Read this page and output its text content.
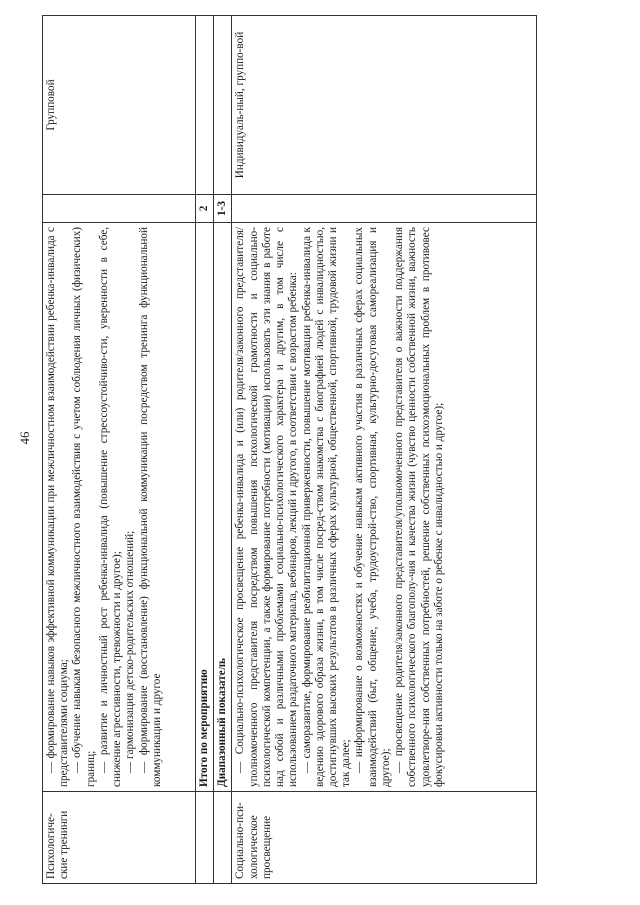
46
Психологиче-ские тренинги	— формирование навыков эффективной коммуникации при межличностном взаимодействии ребенка-инвалида с представителями социума; — обучение навыкам безопасного межличностного взаимодействия с учетом соблюдения личных (физических) границ; — развитие и личностный рост ребенка-инвалида (повышение стрессоустойчиво-сти, уверенности в себе, снижение агрессивности, тревожности и другое); — гармонизация детско-родительских отношений; — формирование (восстановление) функциональной коммуникации посредством тренинга функциональной коммуникации и другое		Групповой
	Итого по мероприятию	2	
	Диапазонный показатель	1-3	
Социально-пси-хологическое просвещение	— Социально-психологическое просвещение ребенка-инвалида и (или) родителя/законного представителя/уполномоченного представителя посредством повышения психологической грамотности и социально-психологической компетенции, а также формирование потребности (мотивации) использовать эти знания в работе над собой и различными проблемами социально-психологического характера и другим, в том числе с использованием раздаточного материала, вебинаров, лекций и другого, в соответствии с возрастом ребенка: — саморазвитие, формирование реабилитационной приверженности, повышение мотивации ребенка-инвалида к ведению здорового образа жизни, в том числе посред-ством знакомства с биографией людей с инвалидностью, достигнувших высоких результатов в различных сферах культурной, общественной, спортивной, трудовой жизни и так далее; — информирование о возможностях и обучение навыкам активного участия в различных сферах социальных взаимодействий (быт, общение, учеба, трудоустрой-ство, спортивная, культурно-досуговая самореализация и другое); — просвещение родителя/законного представителя/уполномоченного представителя о важности поддержания собственного психологического благополу-чия и качества жизни (чувство ценности собственной жизни, важность удовлетворе-ния собственных потребностей, решение собственных психоэмоциональных проблем в противовес фокусировки активности только на заботе о ребенке с инвалидностью и другое);		Индивидуаль-ный, группо-вой
